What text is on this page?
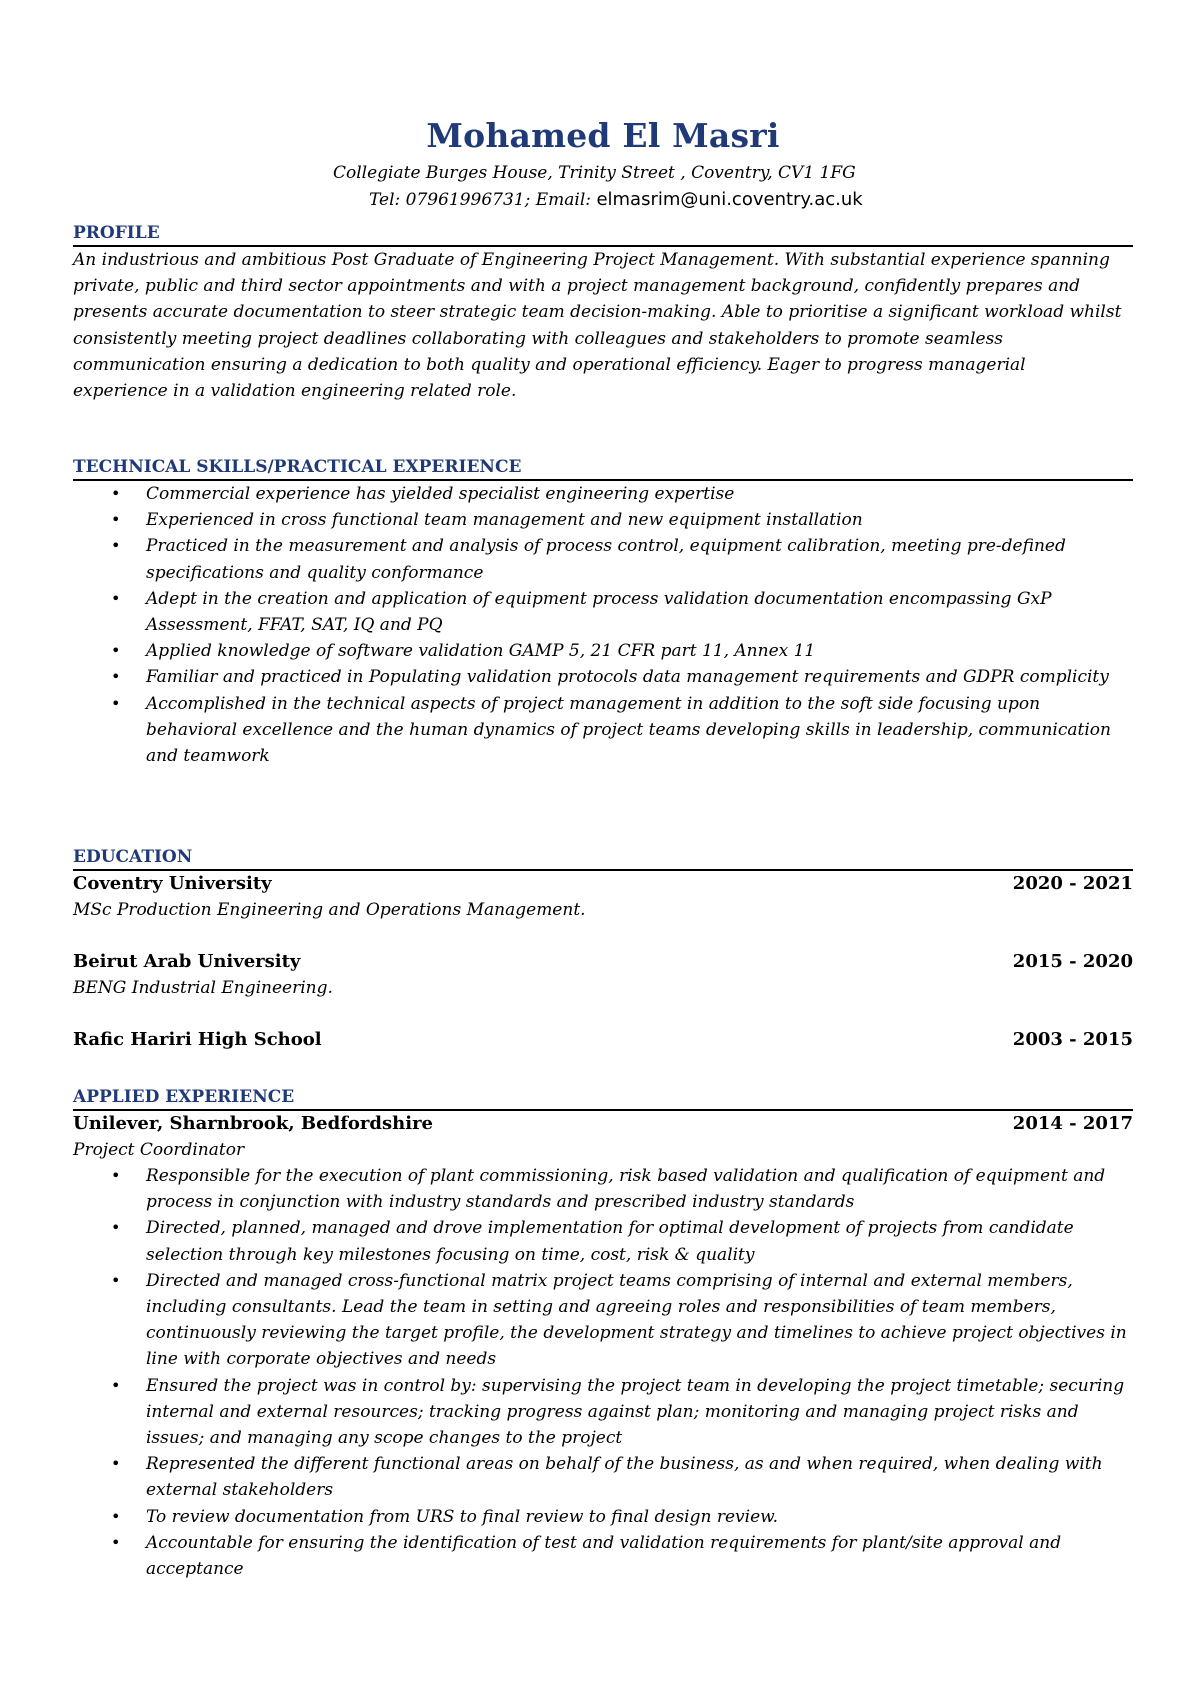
Mohamed El Masri
Collegiate Burges House, Trinity Street , Coventry, CV1 1FG
Tel: 07961996731; Email: elmasrim@uni.coventry.ac.uk
PROFILE

An industrious and ambitious Post Graduate of Engineering Project Management. With substantial experience spanning private, public and third sector appointments and with a project management background, confidently prepares and presents accurate documentation to steer strategic team decision-making. Able to prioritise a significant workload whilst consistently meeting project deadlines collaborating with colleagues and stakeholders to promote seamless communication ensuring a dedication to both quality and operational efficiency. Eager to progress managerial experience in a validation engineering related role.

TECHNICAL SKILLS/PRACTICAL EXPERIENCE
• Commercial experience has yielded specialist engineering expertise
• Experienced in cross functional team management and new equipment installation
• Practiced in the measurement and analysis of process control, equipment calibration, meeting pre-defined specifications and quality conformance
• Adept in the creation and application of equipment process validation documentation encompassing GxP Assessment, FFAT, SAT, IQ and PQ
• Applied knowledge of software validation GAMP 5, 21 CFR part 11, Annex 11
• Familiar and practiced in Populating validation protocols data management requirements and GDPR complicity
• Accomplished in the technical aspects of project management in addition to the soft side focusing upon behavioral excellence and the human dynamics of project teams developing skills in leadership, communication and teamwork
EDUCATION
Coventry University	2020 - 2021
MSc Production Engineering and Operations Management.
Beirut Arab University	2015 - 2020
BENG Industrial Engineering.
Rafic Hariri High School	2003 - 2015
APPLIED EXPERIENCE
Unilever, Sharnbrook, Bedfordshire	2014 - 2017
Project Coordinator
• Responsible for the execution of plant commissioning, risk based validation and qualification of equipment and process in conjunction with industry standards and prescribed industry standards
• Directed, planned, managed and drove implementation for optimal development of projects from candidate selection through key milestones focusing on time, cost, risk & quality
• Directed and managed cross-functional matrix project teams comprising of internal and external members, including consultants. Lead the team in setting and agreeing roles and responsibilities of team members, continuously reviewing the target profile, the development strategy and timelines to achieve project objectives in line with corporate objectives and needs
• Ensured the project was in control by: supervising the project team in developing the project timetable; securing internal and external resources; tracking progress against plan; monitoring and managing project risks and issues; and managing any scope changes to the project
• Represented the different functional areas on behalf of the business, as and when required, when dealing with external stakeholders
• To review documentation from URS to final review to final design review.
• Accountable for ensuring the identification of test and validation requirements for plant/site approval and acceptance
